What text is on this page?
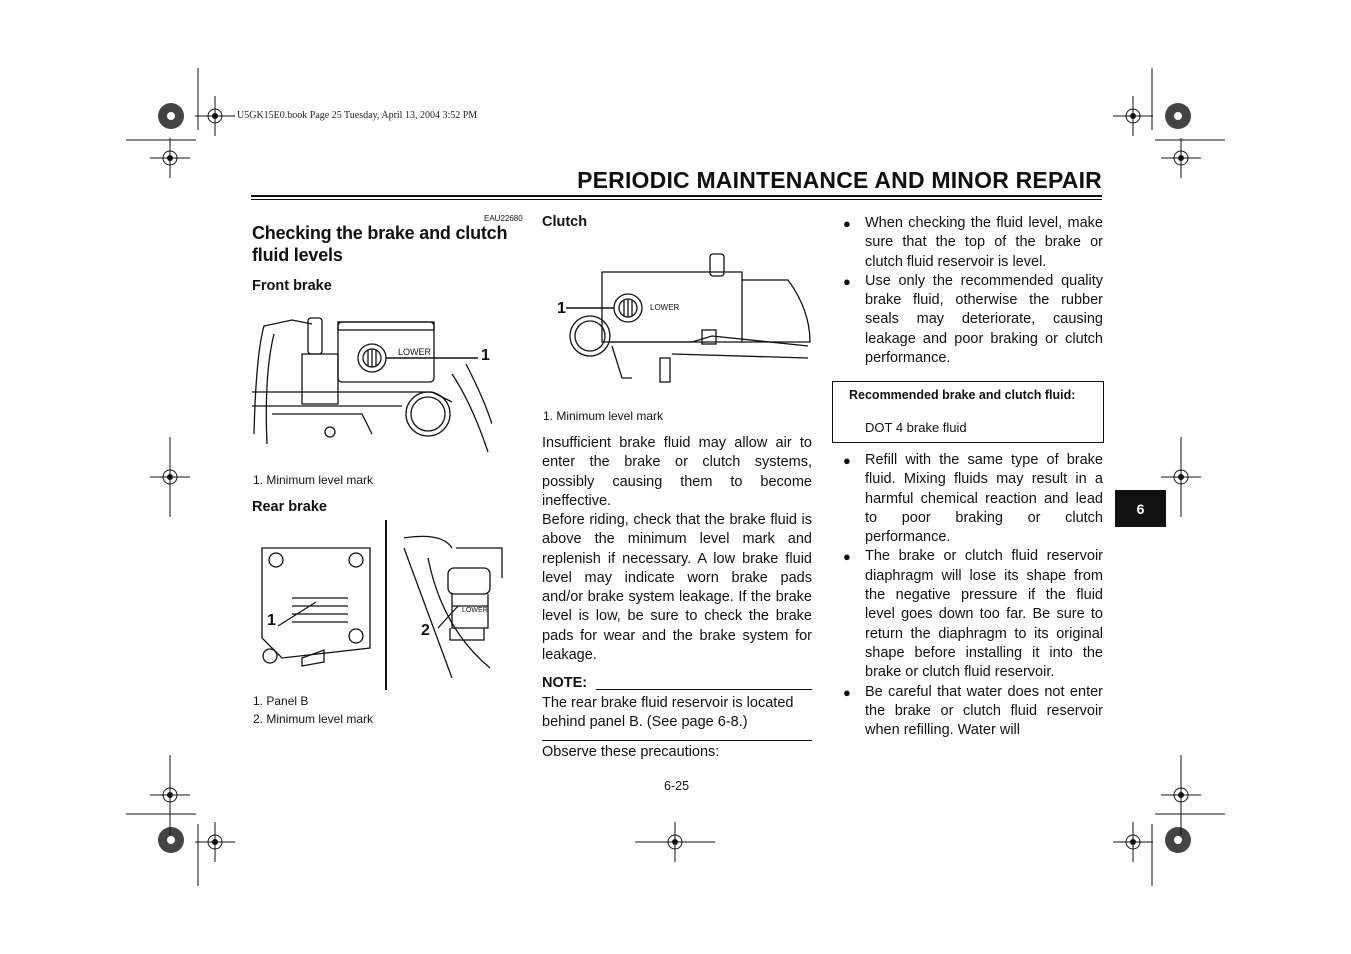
U5GK15E0.book Page 25 Tuesday, April 13, 2004 3:52 PM
PERIODIC MAINTENANCE AND MINOR REPAIR
EAU22680
Checking the brake and clutch fluid levels
Front brake
LOWER	1
1. Minimum level mark
Rear brake
LOWER
1
2
1. Panel B
2. Minimum level mark
Clutch
LOWER
1
1. Minimum level mark
Insufficient brake fluid may allow air to enter the brake or clutch systems, possibly causing them to become ineffective.
Before riding, check that the brake fluid is above the minimum level mark and replenish if necessary. A low brake fluid level may indicate worn brake pads and/or brake system leakage. If the brake level is low, be sure to check the brake pads for wear and the brake system for leakage.
NOTE:
The rear brake fluid reservoir is located behind panel B. (See page 6-8.)
Observe these precautions:

● When checking the fluid level, make sure that the top of the brake or clutch fluid reservoir is level.

● Use only the recommended quality brake fluid, otherwise the rubber seals may deteriorate, causing leakage and poor braking or clutch performance.

Recommended brake and clutch fluid:
DOT 4 brake fluid

● Refill with the same type of brake fluid. Mixing fluids may result in a harmful chemical reaction and lead to poor braking or clutch performance.

● The brake or clutch fluid reservoir diaphragm will lose its shape from the negative pressure if the fluid level goes down too far. Be sure to return the diaphragm to its original shape before installing it into the brake or clutch fluid reservoir.

● Be careful that water does not enter the brake or clutch fluid reservoir when refilling. Water will

6
6-25
